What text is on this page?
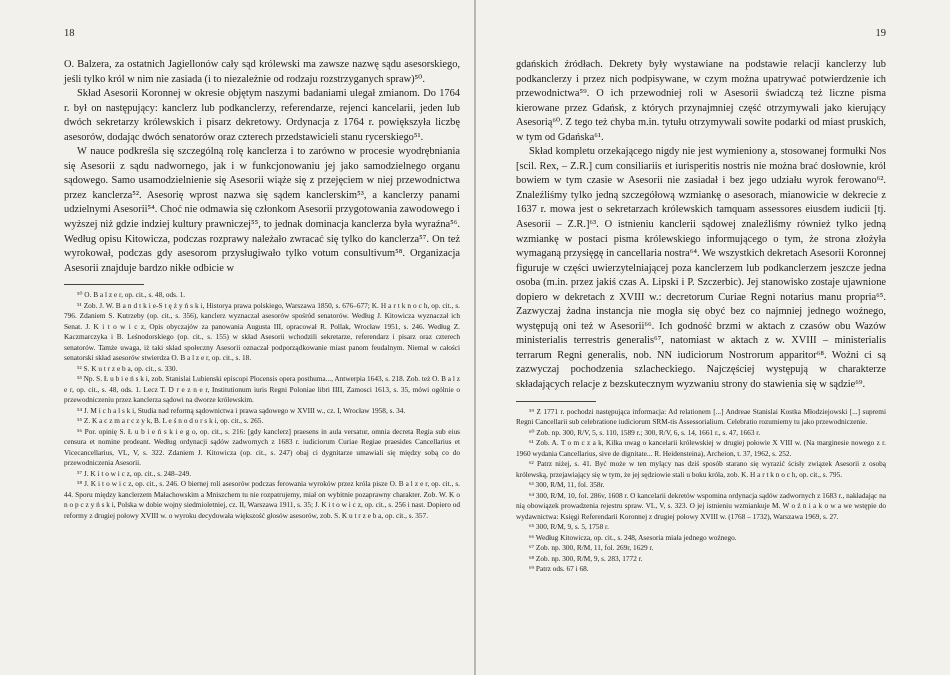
18

O. Balzera, za ostatnich Jagiellonów cały sąd królewski ma zawsze nazwę sądu asesorskiego, jeśli tylko król w nim nie zasiada (i to niezależnie od rodzaju rozstrzyganych spraw)⁵⁰.

Skład Asesorii Koronnej w okresie objętym naszymi badaniami ulegał zmianom. Do 1764 r. był on następujący: kanclerz lub podkanclerzy, referendarze, rejenci kancelarii, jeden lub dwóch sekretarzy królewskich i pisarz dekretowy. Ordynacja z 1764 r. powiększyła liczbę asesorów, dodając dwóch senatorów oraz czterech przedstawicieli stanu rycerskiego⁵¹.

W nauce podkreśla się szczególną rolę kanclerza i to zarówno w procesie wyodrębniania się Asesorii z sądu nadwornego, jak i w funkcjonowaniu jej jako samodzielnego organu sądowego. Samo usamodzielnienie się Asesorii wiąże się z przejęciem w niej przewodnictwa przez kanclerza⁵². Asesorię wprost nazwa się sądem kanclerskim⁵³, a kanclerzy panami udzielnymi Asesorii⁵⁴. Choć nie odmawia się członkom Asesorii przygotowania zawodowego i wyższej niż gdzie indziej kultury prawniczej⁵⁵, to jednak dominacja kanclerza była wyraźna⁵⁶. Według opisu Kitowicza, podczas rozprawy należało zwracać się tylko do kanclerza⁵⁷. On też wyrokował, podczas gdy asesorom przysługiwało tylko votum consultivum⁵⁸. Organizacja Asesorii znajduje bardzo nikłe odbicie w

⁵⁰ O. B a l z e r, op. cit., s. 48, ods. 1.

⁵¹ Zob. J. W. B a n d t k i e-S t ę ż y ń s k i, Historya prawa polskiego, Warszawa 1850, s. 676–677; K. H a r t k n o c h, op. cit., s. 796. Zdaniem S. Kutrzeby (op. cit., s. 356), kanclerz wyznaczał asesorów spośród senatorów. Według J. Kitowicza wyznaczał ich Senat. J. K i t o w i c z, Opis obyczajów za panowania Augusta III, opracował R. Pollak, Wrocław 1951, s. 246. Według Z. Kaczmarczyka i B. Leśnodorskiego (op. cit., s. 155) w skład Asesorii wchodzili sekretarze, referendarz i pisarz oraz czterech senatorów. Tamże uwaga, iż taki skład społeczny Asesorii oznaczał podporządkowanie miast panom feudalnym. Niemal w całości senatorski skład asesorów stwierdza O. B a l z e r, op. cit., s. 18.

⁵² S. K u t r z e b a, op. cit., s. 330.

⁵³ Np. S. Ł u b i e ń s k i, zob. Stanislai Lubienski episcopi Plocensis opera posthuma..., Antwerpia 1643, s. 218. Zob. też O. B a l z e r, op. cit., s. 48, ods. 1. Lecz T. D r e z n e r, Institutionum iuris Regni Poloniae libri IIII, Zamosci 1613, s. 35, mówi ogólnie o przewodniczeniu przez kanclerza sądowi na dworze królewskim.

⁵⁴ J. M i c h a l s k i, Studia nad reformą sądownictwa i prawa sądowego w XVIII w., cz. I, Wrocław 1958, s. 34.

⁵⁵ Z. K a c z m a r c z y k, B. L e ś n o d o r s k i, op. cit., s. 265.

⁵⁶ Por. opinię S. Ł u b i e ń s k i e g o, op. cit., s. 216: [gdy kanclerz] praesens in aula versatur, omnia decreta Regia sub eius censura et nomine prodeant. Według ordynacji sądów zadwornych z 1683 r. iudiciorum Curiae Regiae praesides Cancellarius et Vicecancellarius, VL, V, s. 322. Zdaniem J. Kitowicza (op. cit., s. 247) obaj ci dygnitarze umawiali się między sobą co do przewodniczenia Asesorii.

⁵⁷ J. K i t o w i c z, op. cit., s. 248–249.

⁵⁸ J. K i t o w i c z, op. cit., s. 246. O biernej roli asesorów podczas ferowania wyroków przez króla pisze O. B a l z e r, op. cit., s. 44. Sporu między kanclerzem Małachowskim a Mniszchem tu nie rozpatrujemy, miał on wybitnie pozaprawny charakter. Zob. W. K o n o p c z y ń s k i, Polska w dobie wojny siedmioletniej, cz. II, Warszawa 1911, s. 35; J. K i t o w i c z, op. cit., s. 256 i nast. Dopiero od reformy z drugiej połowy XVIII w. o wyroku decydowała większość głosów asesorów, zob. S. K u t r z e b a, op. cit., s. 357.

19

gdańskich źródłach. Dekrety były wystawiane na podstawie relacji kanclerzy lub podkanclerzy i przez nich podpisywane, w czym można upatrywać potwierdzenie ich przewodnictwa⁵⁹. O ich przewodniej roli w Asesorii świadczą też liczne pisma kierowane przez Gdańsk, z których przynajmniej część otrzymywali jako kierujący Asesorią⁶⁰. Z tego też chyba m.in. tytułu otrzymywali sowite podarki od miast pruskich, w tym od Gdańska⁶¹.

Skład kompletu orzekającego nigdy nie jest wymieniony a, stosowanej formułki Nos [scil. Rex, – Z.R.] cum consiliariis et iurisperitis nostris nie można brać dosłownie, król bowiem w tym czasie w Asesorii nie zasiadał i bez jego udziału wyrok ferowano⁶². Znaleźliśmy tylko jedną szczegółową wzmiankę o asesorach, mianowicie w dekrecie z 1637 r. mowa jest o sekretarzach królewskich tamquam assessores eiusdem iudicii [tj. Asesorii – Z.R.]⁶³. O istnieniu kanclerii sądowej znaleźliśmy również tylko jedną wzmiankę w postaci pisma królewskiego informującego o tym, że strona złożyła wymaganą przysięgę in cancellaria nostra⁶⁴. We wszystkich dekretach Asesorii Koronnej figuruje w części uwierzytelniającej poza kanclerzem lub podkanclerzem jeszcze jedna osoba (m.in. przez jakiś czas A. Lipski i P. Szczerbic). Jej stanowisko zostaje ujawnione dopiero w dekretach z XVIII w.: decretorum Curiae Regni notarius manu propria⁶⁵. Zazwyczaj żadna instancja nie mogła się obyć bez co najmniej jednego woźnego, występują oni też w Asesorii⁶⁶. Ich godność brzmi w aktach z czasów obu Wazów ministerialis terrestris generalis⁶⁷, natomiast w aktach z w. XVIII – ministerialis terrarum Regni generalis, nob. NN iudiciorum Nostrorum apparitor⁶⁸. Woźni ci są zazwyczaj pochodzenia szlacheckiego. Najczęściej występują w charakterze składających relacje z bezskutecznym wyzwaniu strony do stawienia się w sądzie⁶⁹.

⁵⁹ Z 1771 r. pochodzi następująca informacja: Ad relationem [...] Andreae Stanislai Kostka Młodziejowski [...] supremi Regni Cancellarii sub celebratione iudiciorum SRM-tis Assessorialium. Celebratio rozumiemy tu jako przewodniczenie.

⁶⁰ Zob. np. 300, R/V, 5, s. 110, 1589 r.; 300, R/V, 6, s. 14, 1661 r., s. 47, 1663 r.

⁶¹ Zob. A. T o m c z a k, Kilka uwag o kancelarii królewskiej w drugiej połowie X VIII w. (Na marginesie nowego z r. 1960 wydania Cancellarius, sive de dignitate... R. Heidensteina), Archeion, t. 37, 1962, s. 252.

⁶² Patrz niżej, s. 41. Być może w ten mylący nas dziś sposób starano się wyrazić ścisły związek Asesorii z osobą królewską, przejawiający się w tym, że jej sędziowie stali u boku króla, zob. K. H a r t k n o c h, op. cit., s. 795.

⁶³ 300, R/M, 11, fol. 358r.

⁶⁴ 300, R/M, 10, fol. 286v, 1608 r. O kancelarii dekretów wspomina ordynacja sądów zadwornych z 1683 r., nakładając na nią obowiązek prowadzenia rejestru spraw. VL, V, s. 323. O jej istnieniu wzmiankuje M. W o ź n i a k o w a we wstępie do wydawnictwa: Księgi Referendarii Koronnej z drugiej połowy XVIII w. (1768 – 1732), Warszawa 1969, s. 27.

⁶⁵ 300, R/M, 9, s. 5, 1758 r.

⁶⁶ Według Kitowicza, op. cit., s. 248, Asesoria miała jednego woźnego.

⁶⁷ Zob. np. 300, R/M, 11, fol. 269r, 1629 r.

⁶⁸ Zob. np. 300, R/M, 9, s. 283, 1772 r.

⁶⁹ Patrz ods. 67 i 68.
